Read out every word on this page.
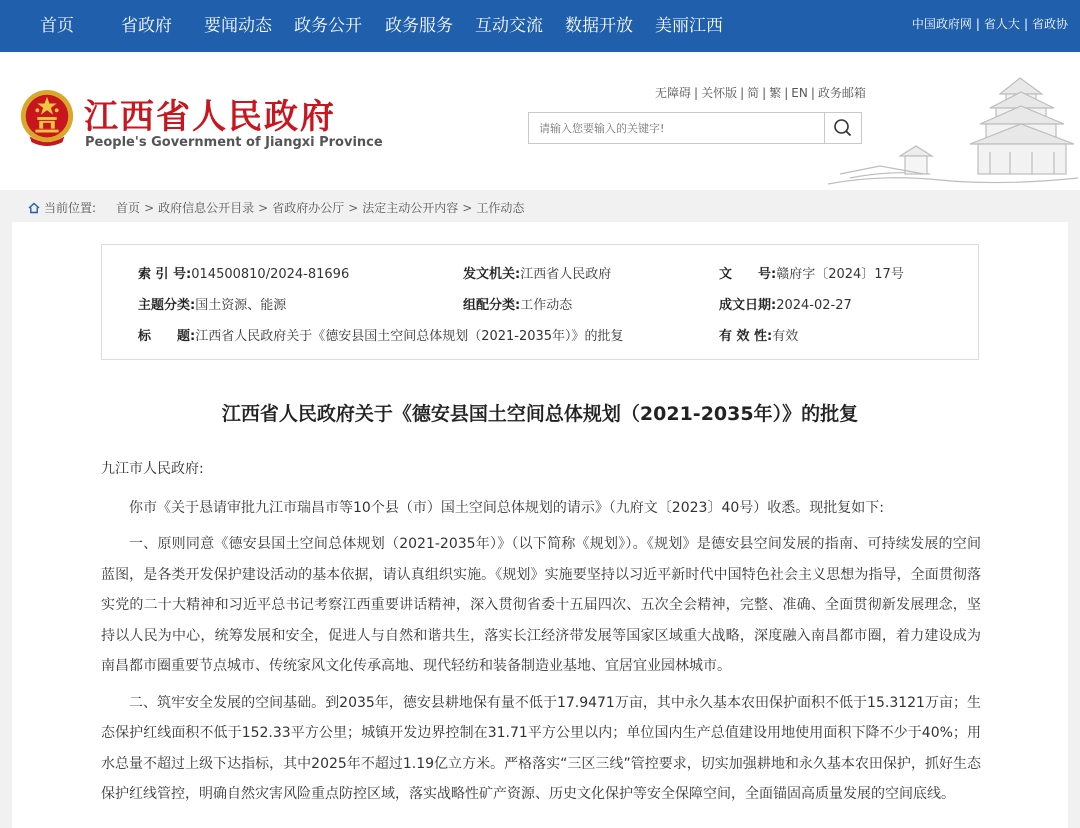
首页	省政府 要闻动态 政务公开 政务服务 互动交流 数据开放 美丽江西	中国政府网 | 省人大 | 省政协
江西省人民政府
People's Government of Jiangxi Province
无障碍 | 关怀版 | 简 | 繁 | EN | 政务邮箱
请输入您要输入的关键字!
当前位置: 首页 > 政府信息公开目录 > 省政府办公厅 > 法定主动公开内容 > 工作动态
索 引 号:014500810/2024-81696	发文机关:江西省人民政府	文　　号:赣府字〔2024〕17号
主题分类:国土资源、能源	组配分类:工作动态	成文日期:2024-02-27
标　　题:江西省人民政府关于《德安县国土空间总体规划（2021-2035年）》的批复	有 效 性:有效
江西省人民政府关于《德安县国土空间总体规划（2021-2035年）》的批复

九江市人民政府:

你市《关于恳请审批九江市瑞昌市等10个县（市）国土空间总体规划的请示》（九府文〔2023〕40号）收悉。现批复如下:

一、原则同意《德安县国土空间总体规划（2021-2035年）》（以下简称《规划》）。《规划》是德安县空间发展的指南、可持续发展的空间蓝图，是各类开发保护建设活动的基本依据，请认真组织实施。《规划》实施要坚持以习近平新时代中国特色社会主义思想为指导，全面贯彻落实党的二十大精神和习近平总书记考察江西重要讲话精神，深入贯彻省委十五届四次、五次全会精神，完整、准确、全面贯彻新发展理念，坚持以人民为中心，统筹发展和安全，促进人与自然和谐共生，落实长江经济带发展等国家区域重大战略，深度融入南昌都市圈，着力建设成为南昌都市圈重要节点城市、传统家风文化传承高地、现代轻纺和装备制造业基地、宜居宜业园林城市。

二、筑牢安全发展的空间基础。到2035年，德安县耕地保有量不低于17.9471万亩，其中永久基本农田保护面积不低于15.3121万亩；生态保护红线面积不低于152.33平方公里；城镇开发边界控制在31.71平方公里以内；单位国内生产总值建设用地使用面积下降不少于40%；用水总量不超过上级下达指标，其中2025年不超过1.19亿立方米。严格落实“三区三线”管控要求，切实加强耕地和永久基本农田保护，抓好生态保护红线管控，明确自然灾害风险重点防控区域，落实战略性矿产资源、历史文化保护等安全保障空间，全面锚固高质量发展的空间底线。
